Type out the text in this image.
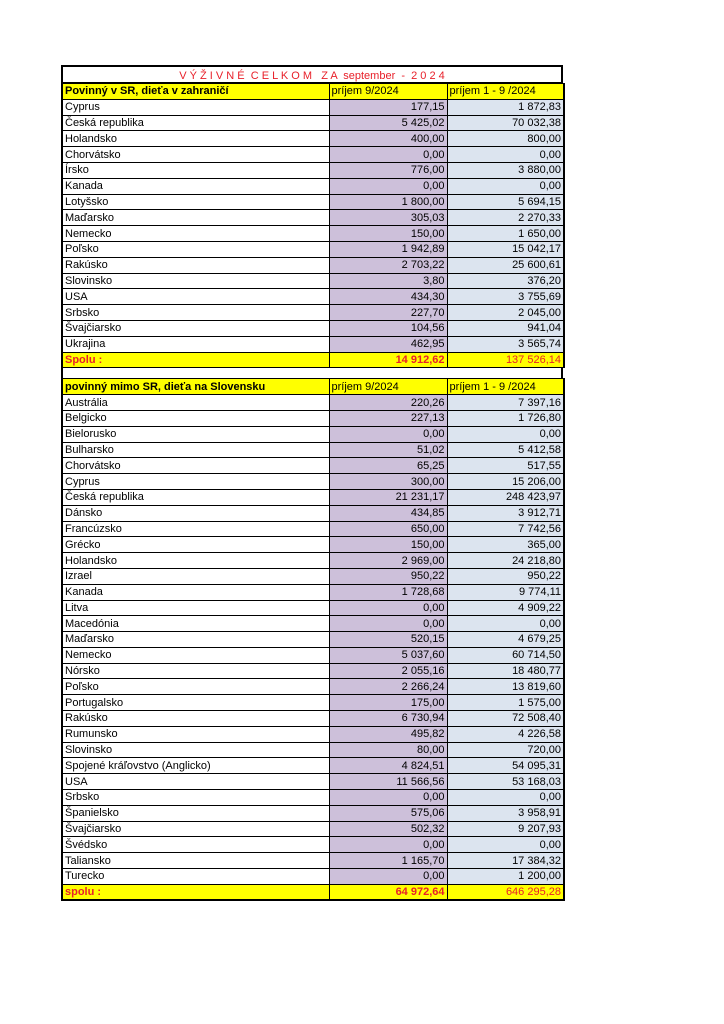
V Ý Ž I V N É  C E L K O M   Z A  september  -  2 0 2 4
Povinný v SR, dieťa v zahraničí	príjem 9/2024	príjem 1 - 9 /2024
Cyprus	177,15	1 872,83
Česká republika	5 425,02	70 032,38
Holandsko	400,00	800,00
Chorvátsko	0,00	0,00
Írsko	776,00	3 880,00
Kanada	0,00	0,00
Lotyšsko	1 800,00	5 694,15
Maďarsko	305,03	2 270,33
Nemecko	150,00	1 650,00
Poľsko	1 942,89	15 042,17
Rakúsko	2 703,22	25 600,61
Slovinsko	3,80	376,20
USA	434,30	3 755,69
Srbsko	227,70	2 045,00
Švajčiarsko	104,56	941,04
Ukrajina	462,95	3 565,74
Spolu :	14 912,62	137 526,14
povinný mimo SR, dieťa na Slovensku	príjem 9/2024	príjem 1 - 9 /2024
Austrália	220,26	7 397,16
Belgicko	227,13	1 726,80
Bielorusko	0,00	0,00
Bulharsko	51,02	5 412,58
Chorvátsko	65,25	517,55
Cyprus	300,00	15 206,00
Česká republika	21 231,17	248 423,97
Dánsko	434,85	3 912,71
Francúzsko	650,00	7 742,56
Grécko	150,00	365,00
Holandsko	2 969,00	24 218,80
Izrael	950,22	950,22
Kanada	1 728,68	9 774,11
Litva	0,00	4 909,22
Macedónia	0,00	0,00
Maďarsko	520,15	4 679,25
Nemecko	5 037,60	60 714,50
Nórsko	2 055,16	18 480,77
Poľsko	2 266,24	13 819,60
Portugalsko	175,00	1 575,00
Rakúsko	6 730,94	72 508,40
Rumunsko	495,82	4 226,58
Slovinsko	80,00	720,00
Spojené kráľovstvo (Anglicko)	4 824,51	54 095,31
USA	11 566,56	53 168,03
Srbsko	0,00	0,00
Španielsko	575,06	3 958,91
Švajčiarsko	502,32	9 207,93
Švédsko	0,00	0,00
Taliansko	1 165,70	17 384,32
Turecko	0,00	1 200,00
spolu :	64 972,64	646 295,28
